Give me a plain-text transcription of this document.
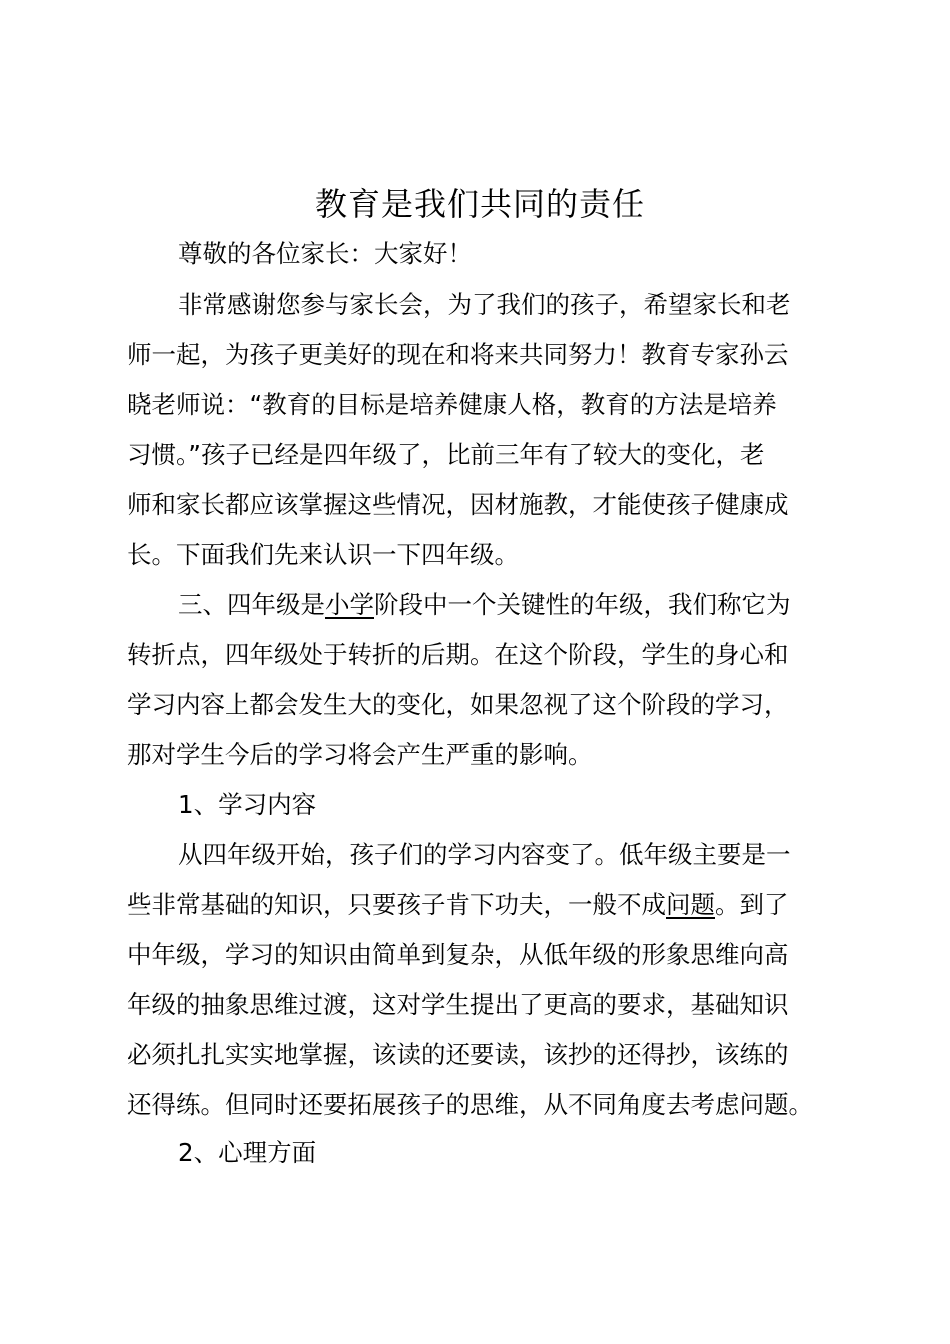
教育是我们共同的责任
尊敬的各位家长：大家好！
非常感谢您参与家长会，为了我们的孩子，希望家长和老
师一起，为孩子更美好的现在和将来共同努力！教育专家孙云
晓老师说：“教育的目标是培养健康人格，教育的方法是培养
习惯。”孩子已经是四年级了，比前三年有了较大的变化，老
师和家长都应该掌握这些情况，因材施教，才能使孩子健康成
长。下面我们先来认识一下四年级。
三、四年级是小学阶段中一个关键性的年级，我们称它为
转折点，四年级处于转折的后期。在这个阶段，学生的身心和
学习内容上都会发生大的变化，如果忽视了这个阶段的学习，
那对学生今后的学习将会产生严重的影响。
1、学习内容
从四年级开始，孩子们的学习内容变了。低年级主要是一
些非常基础的知识，只要孩子肯下功夫，一般不成问题。到了
中年级，学习的知识由简单到复杂，从低年级的形象思维向高
年级的抽象思维过渡，这对学生提出了更高的要求，基础知识
必须扎扎实实地掌握，该读的还要读，该抄的还得抄，该练的
还得练。但同时还要拓展孩子的思维，从不同角度去考虑问题。
2、心理方面
